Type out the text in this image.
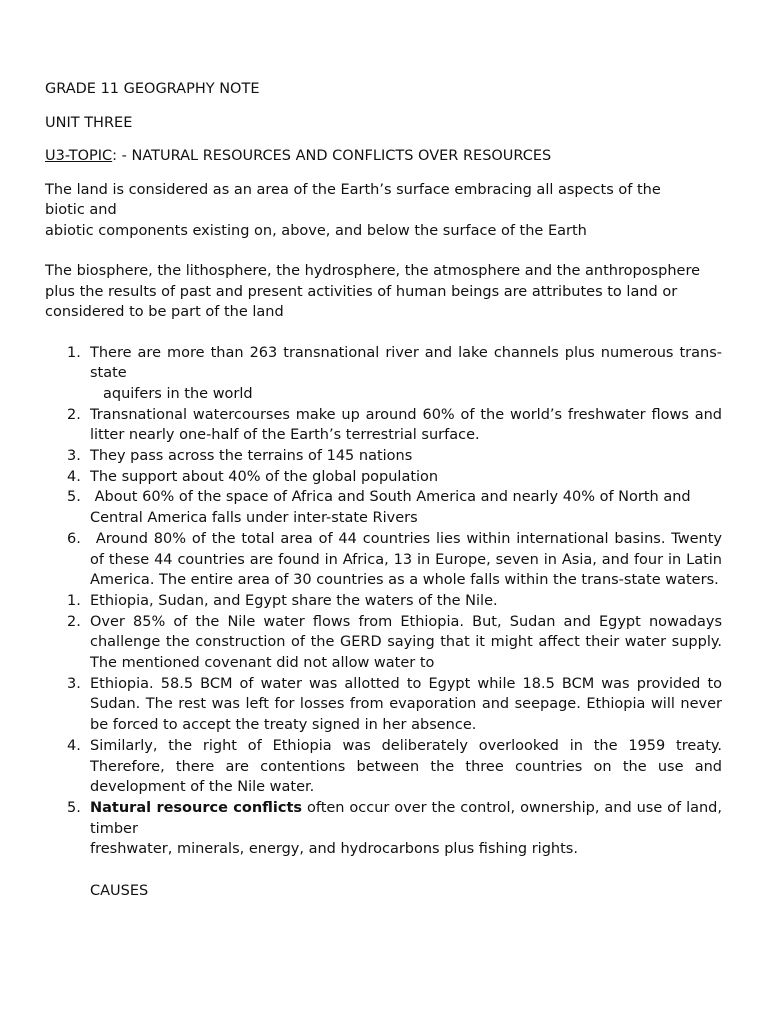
GRADE 11 GEOGRAPHY NOTE

UNIT THREE

U3-TOPIC: - NATURAL RESOURCES AND CONFLICTS OVER RESOURCES

The land is considered as an area of the Earth’s surface embracing all aspects of the
biotic and
abiotic components existing on, above, and below the surface of the Earth

The biosphere, the lithosphere, the hydrosphere, the atmosphere and the anthroposphere plus the results of past and present activities of human beings are attributes to land or considered to be part of the land

1. There are more than 263 transnational river and lake channels plus numerous trans-state
aquifers in the world
2. Transnational watercourses make up around 60% of the world’s freshwater flows and litter nearly one-half of the Earth’s terrestrial surface.
3. They pass across the terrains of 145 nations
4. The support about 40% of the global population
5. About 60% of the space of Africa and South America and nearly 40% of North and Central America falls under inter-state Rivers
6. Around 80% of the total area of 44 countries lies within international basins. Twenty of these 44 countries are found in Africa, 13 in Europe, seven in Asia, and four in Latin America. The entire area of 30 countries as a whole falls within the trans-state waters.
1. Ethiopia, Sudan, and Egypt share the waters of the Nile.
2. Over 85% of the Nile water flows from Ethiopia. But, Sudan and Egypt nowadays challenge the construction of the GERD saying that it might affect their water supply.  The mentioned covenant did not allow water to
3. Ethiopia. 58.5 BCM of water was allotted to Egypt while 18.5 BCM was provided to Sudan. The rest was left for losses from evaporation and seepage. Ethiopia will never be forced to accept the treaty signed in her absence.
4. Similarly, the right of Ethiopia was deliberately overlooked in the 1959 treaty. Therefore, there are contentions between the three countries on the use and development of the Nile water.
5. Natural resource conflicts often occur over the control, ownership, and use of land, timber
freshwater, minerals, energy, and hydrocarbons plus fishing rights.
CAUSES
